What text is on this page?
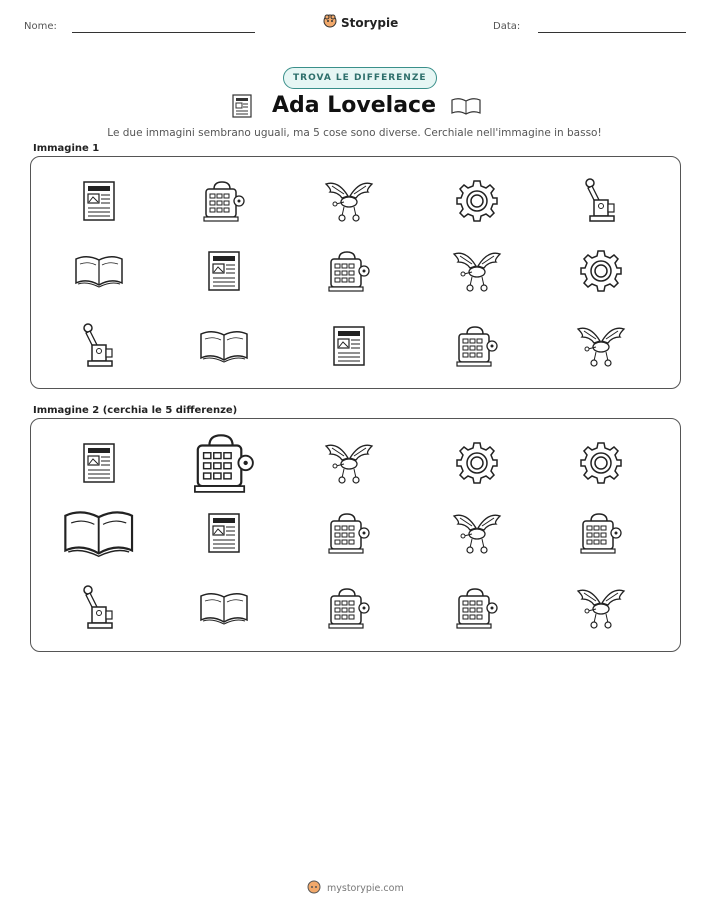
Nome:	Storypie	Data:
TROVA LE DIFFERENZE
Ada Lovelace
Le due immagini sembrano uguali, ma 5 cose sono diverse. Cerchiale nell'immagine in basso!
Immagine 1
Immagine 2 (cerchia le 5 differenze)
mystorypie.com
